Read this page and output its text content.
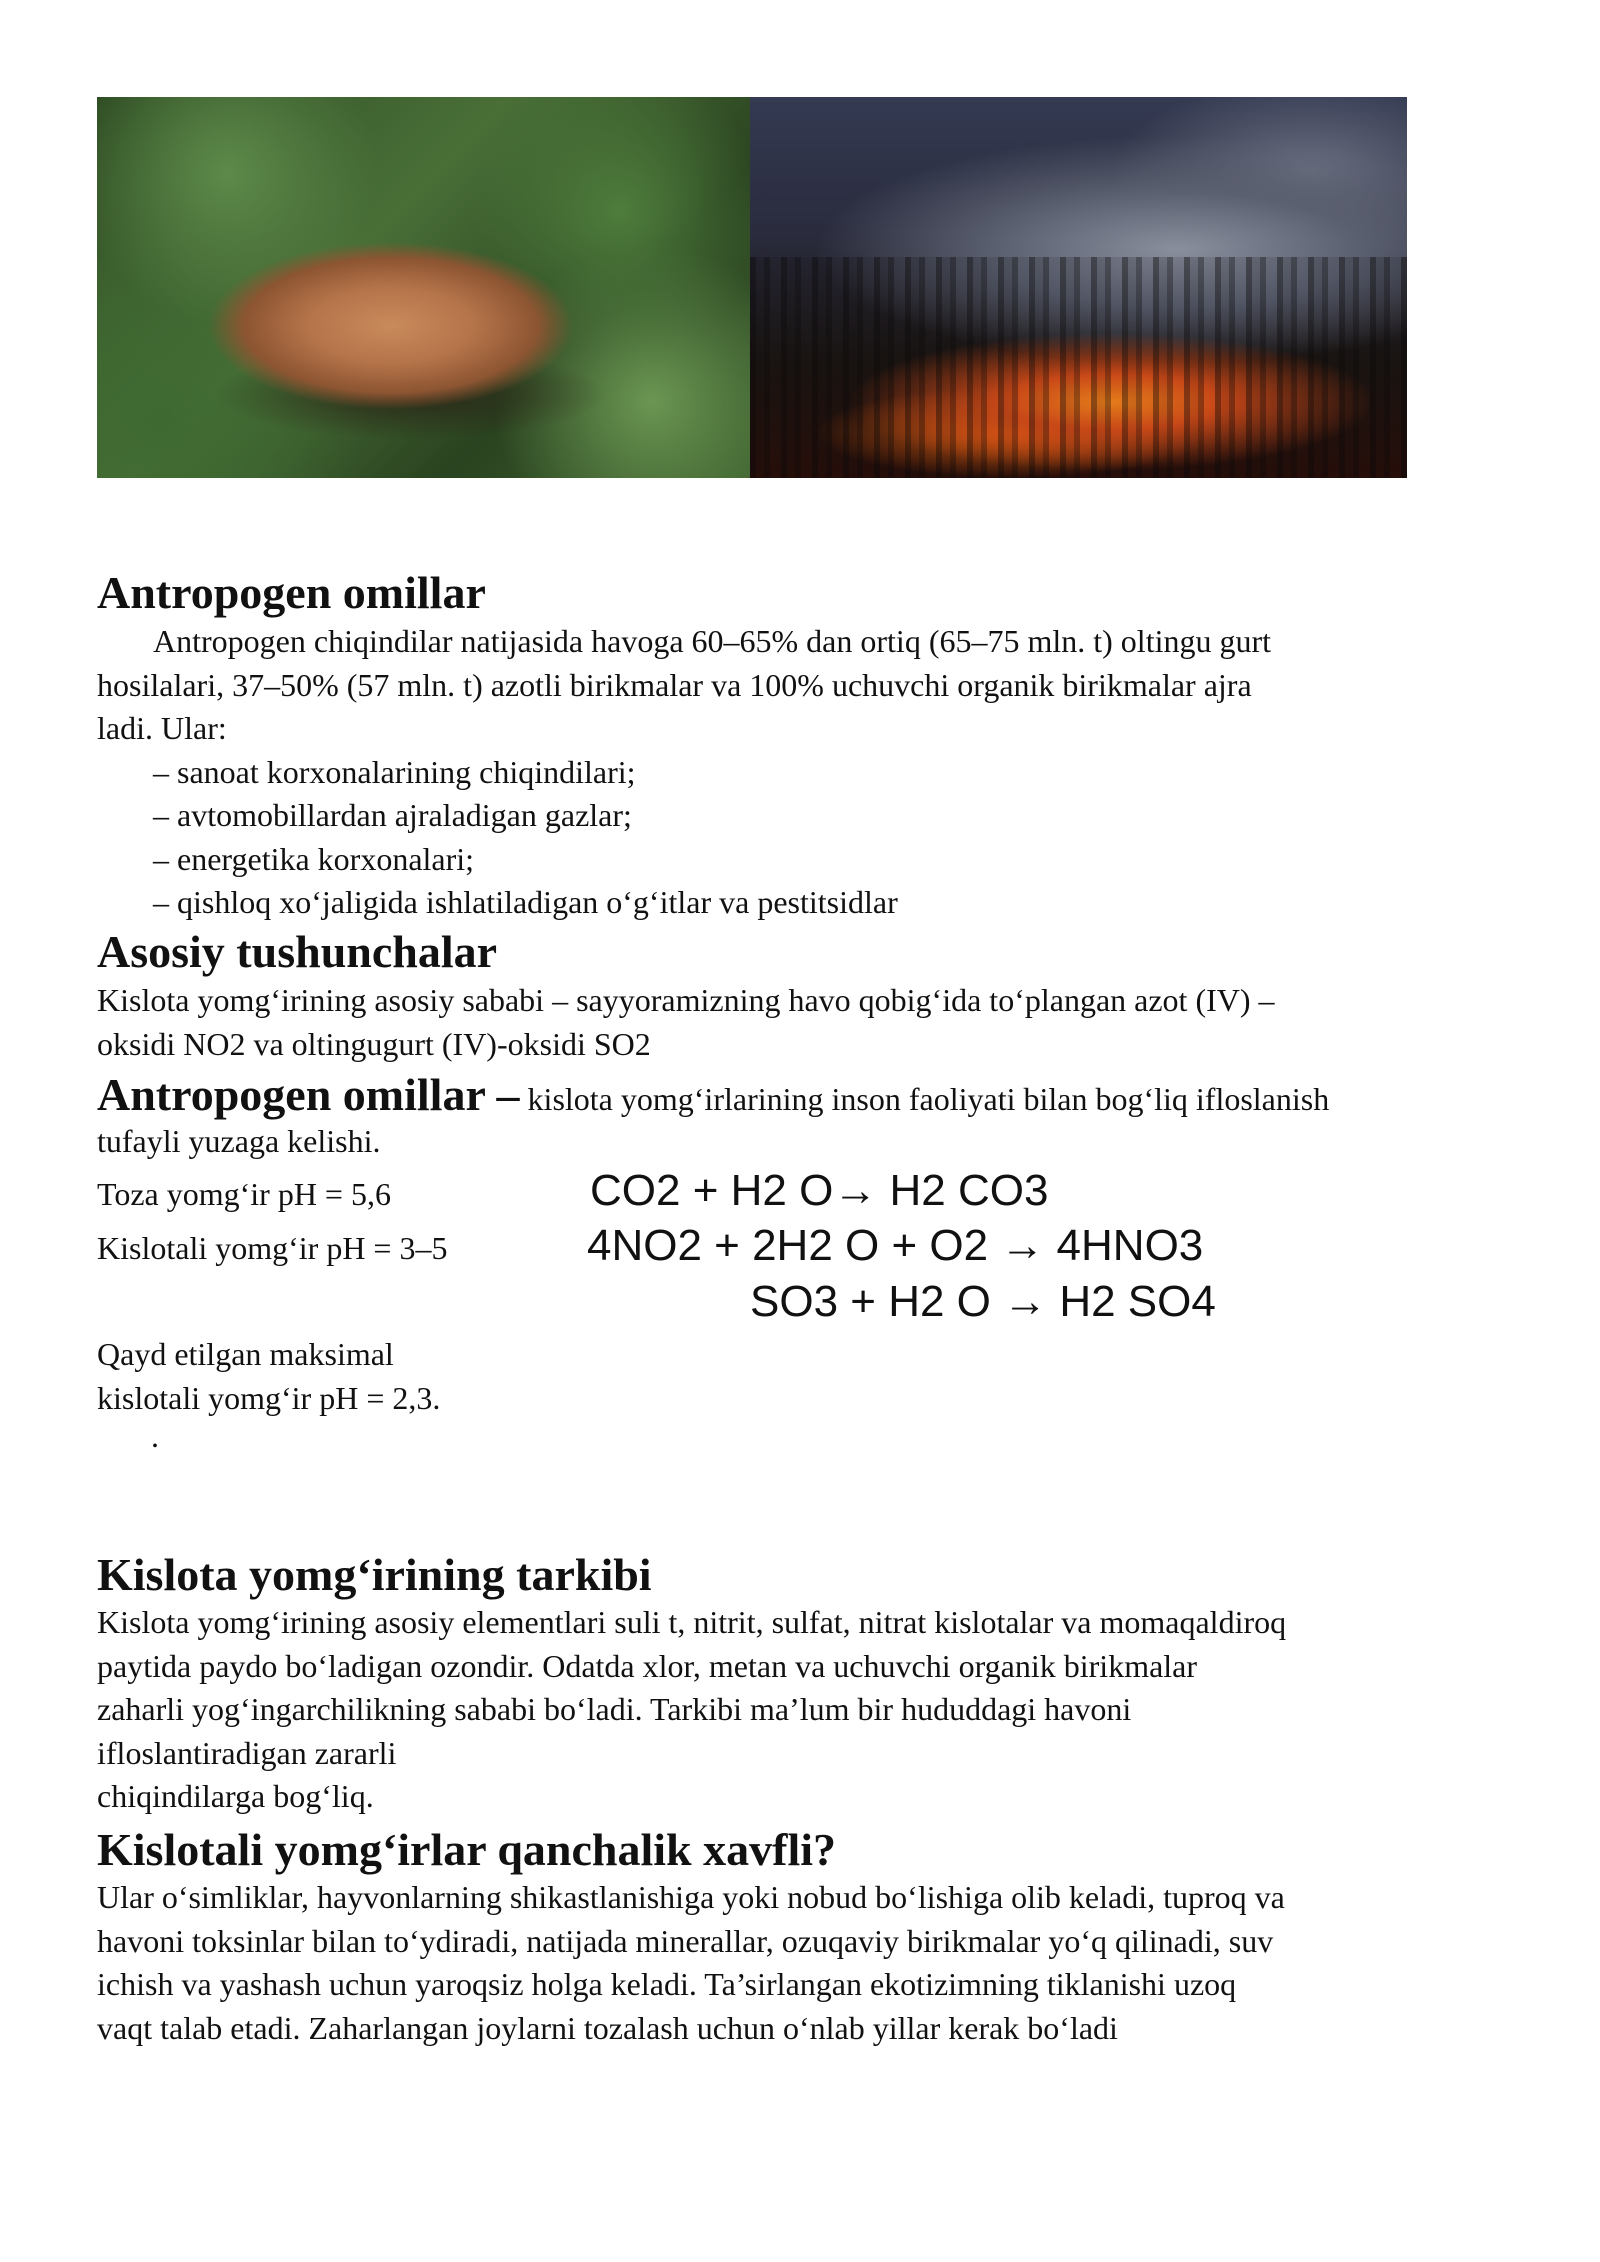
Antropogen omillar

Antropogen chiqindilar natijasida havoga 60–65% dan ortiq (65–75 mln. t) oltingu gurt

hosilalari, 37–50% (57 mln. t) azotli birikmalar va 100% uchuvchi organik birikmalar ajra

ladi. Ular:

– sanoat korxonalarining chiqindilari;

– avtomobillardan ajraladigan gazlar;

– energetika korxonalari;

– qishloq xo‘jaligida ishlatiladigan o‘g‘itlar va pestitsidlar

Asosiy tushunchalar

Kislota yomg‘irining asosiy sababi – sayyoramizning havo qobig‘ida to‘plangan azot (IV) –

oksidi NO2 va oltingugurt (IV)-oksidi SO2

Antropogen omillar – kislota yomg‘irlarining inson faoliyati bilan bog‘liq ifloslanish
tufayli yuzaga kelishi.
Toza yomg‘ir pH = 5,6
Kislotali yomg‘ir pH = 3–5
Qayd etilgan maksimal
kislotali yomg‘ir pH = 2,3.
.
CO2 + H2 O→ H2 CO3
4NO2 + 2H2 O + O2 → 4HNO3
SO3 + H2 O → H2 SO4
Kislota yomg‘irining tarkibi

Kislota yomg‘irining asosiy elementlari suli t, nitrit, sulfat, nitrat kislotalar va momaqaldiroq

paytida paydo bo‘ladigan ozondir. Odatda xlor, metan va uchuvchi organik birikmalar

zaharli yog‘ingarchilikning sababi bo‘ladi. Tarkibi ma’lum bir hududdagi havoni

ifloslantiradigan zararli

chiqindilarga bog‘liq.

Kislotali yomg‘irlar qanchalik xavfli?

Ular o‘simliklar, hayvonlarning shikastlanishiga yoki nobud bo‘lishiga olib keladi, tuproq va

havoni toksinlar bilan to‘ydiradi, natijada minerallar, ozuqaviy birikmalar yo‘q qilinadi, suv

ichish va yashash uchun yaroqsiz holga keladi. Ta’sirlangan ekotizimning tiklanishi uzoq

vaqt talab etadi. Zaharlangan joylarni tozalash uchun o‘nlab yillar kerak bo‘ladi
